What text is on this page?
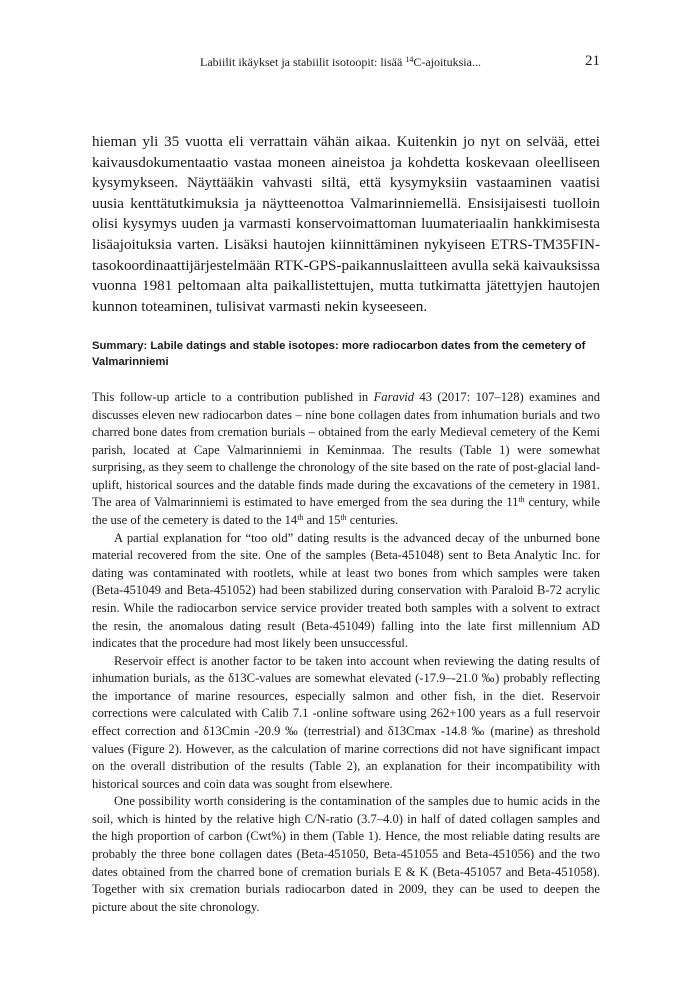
Labiilit ikäykset ja stabiilit isotoopit: lisää $^{14}$C-ajoituksia...	21

hieman yli 35 vuotta eli verrattain vähän aikaa. Kuitenkin jo nyt on selvää, ettei kaivausdokumentaatio vastaa moneen aineistoa ja kohdetta koskevaan oleelliseen kysymykseen. Näyttääkin vahvasti siltä, että kysymyksiin vastaaminen vaatisi uusia kenttätutkimuksia ja näytteenottoa Valmarinniemellä. Ensisijaisesti tuolloin olisi kysymys uuden ja varmasti konservoimattoman luumateriaalin hankkimisesta lisäajoituksia varten. Lisäksi hautojen kiinnittäminen nykyiseen ETRS-TM35FIN-tasokoordinaattijärjestelmään RTK-GPS-paikannuslaitteen avulla sekä kaivauksissa vuonna 1981 peltomaan alta paikallistettujen, mutta tutkimatta jätettyjen hautojen kunnon toteaminen, tulisivat varmasti nekin kyseeseen.

Summary: Labile datings and stable isotopes: more radiocarbon dates from the cemetery of Valmarinniemi

This follow-up article to a contribution published in Faravid 43 (2017: 107–128) examines and discusses eleven new radiocarbon dates – nine bone collagen dates from inhumation burials and two charred bone dates from cremation burials – obtained from the early Medieval cemetery of the Kemi parish, located at Cape Valmarinniemi in Keminmaa. The results (Table 1) were somewhat surprising, as they seem to challenge the chronology of the site based on the rate of post-glacial land-uplift, historical sources and the datable finds made during the excavations of the cemetery in 1981. The area of Valmarinniemi is estimated to have emerged from the sea during the 11th century, while the use of the cemetery is dated to the 14th and 15th centuries.

A partial explanation for “too old” dating results is the advanced decay of the unburned bone material recovered from the site. One of the samples (Beta-451048) sent to Beta Analytic Inc. for dating was contaminated with rootlets, while at least two bones from which samples were taken (Beta-451049 and Beta-451052) had been stabilized during conservation with Paraloid B-72 acrylic resin. While the radiocarbon service service provider treated both samples with a solvent to extract the resin, the anomalous dating result (Beta-451049) falling into the late first millennium AD indicates that the procedure had most likely been unsuccessful.

Reservoir effect is another factor to be taken into account when reviewing the dating results of inhumation burials, as the δ13C-values are somewhat elevated (-17.9–-21.0 ‰) probably reflecting the importance of marine resources, especially salmon and other fish, in the diet. Reservoir corrections were calculated with Calib 7.1 -online software using 262+100 years as a full reservoir effect correction and δ13Cmin -20.9 ‰ (terrestrial) and δ13Cmax -14.8 ‰ (marine) as threshold values (Figure 2). However, as the calculation of marine corrections did not have significant impact on the overall distribution of the results (Table 2), an explanation for their incompatibility with historical sources and coin data was sought from elsewhere.

One possibility worth considering is the contamination of the samples due to humic acids in the soil, which is hinted by the relative high C/N-ratio (3.7–4.0) in half of dated collagen samples and the high proportion of carbon (Cwt%) in them (Table 1). Hence, the most reliable dating results are probably the three bone collagen dates (Beta-451050, Beta-451055 and Beta-451056) and the two dates obtained from the charred bone of cremation burials E & K (Beta-451057 and Beta-451058). Together with six cremation burials radiocarbon dated in 2009, they can be used to deepen the picture about the site chronology.
